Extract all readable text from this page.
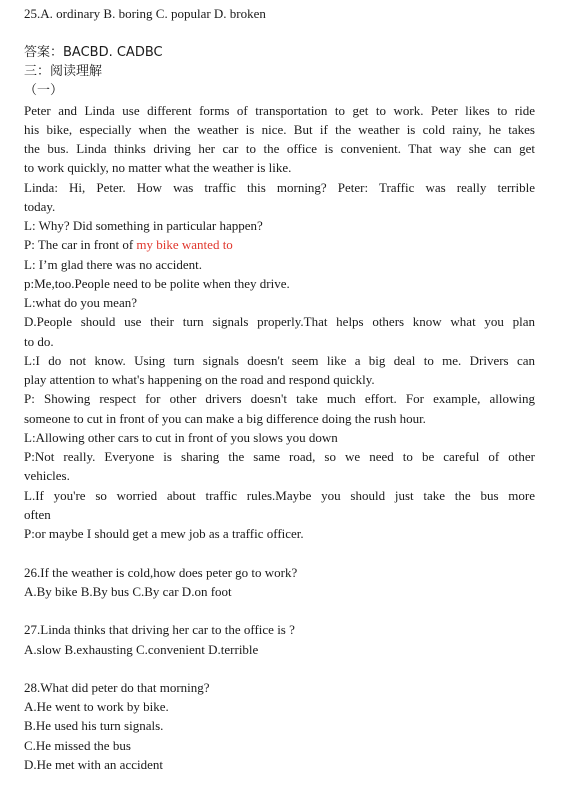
25.A. ordinary B. boring C. popular D. broken
答案：BACBD. CADBC
三：阅读理解
（一）
Peter and Linda use different forms of transportation to get to work. Peter likes to ride
his bike, especially when the weather is nice. But if the weather is cold rainy, he takes
the bus. Linda thinks driving her car to the office is convenient. That way she can get
to work quickly, no matter what the weather is like.
Linda: Hi, Peter. How was traffic this morning? Peter: Traffic was really terrible
today.
L: Why? Did something in particular happen?
P: The car in front of my bike wanted to
L: I’m glad there was no accident.
p:Me,too.People need to be polite when they drive.
L:what do you mean?
D.People should use their turn signals properly.That helps others know what you plan
to do.
L:I do not know. Using turn signals doesn't seem like a big deal to me. Drivers can
play attention to what's happening on the road and respond quickly.
P: Showing respect for other drivers doesn't take much effort. For example, allowing
someone to cut in front of you can make a big difference doing the rush hour.
L:Allowing other cars to cut in front of you slows you down
P:Not really. Everyone is sharing the same road, so we need to be careful of other
vehicles.
L.If you're so worried about traffic rules.Maybe you should just take the bus more
often
P:or maybe I should get a mew job as a traffic officer.
26.If the weather is cold,how does peter go to work?
A.By bike B.By bus C.By car D.on foot
27.Linda thinks that driving her car to the office is ?
A.slow B.exhausting C.convenient D.terrible
28.What did peter do that morning?
A.He went to work by bike.
B.He used his turn signals.
C.He missed the bus
D.He met with an accident
